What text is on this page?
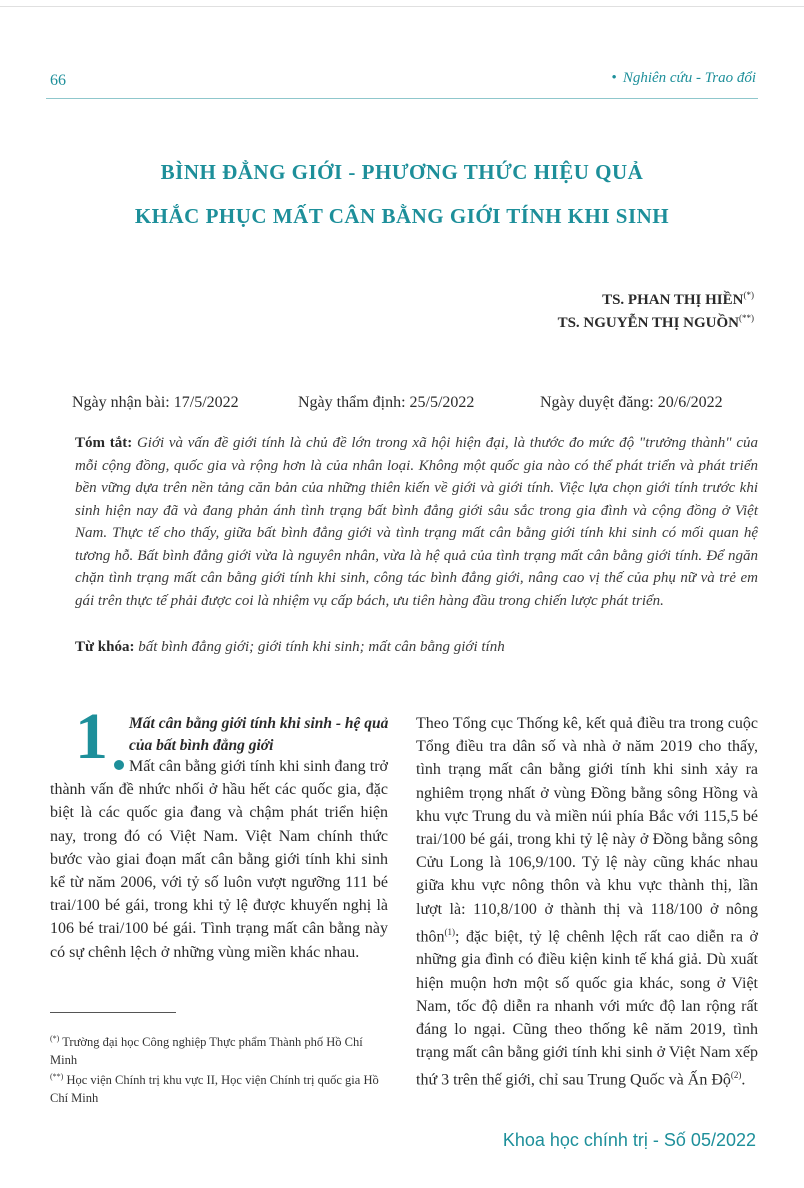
66	• Nghiên cứu - Trao đổi
BÌNH ĐẲNG GIỚI - PHƯƠNG THỨC HIỆU QUẢ
KHẮC PHỤC MẤT CÂN BẰNG GIỚI TÍNH KHI SINH
TS. PHAN THỊ HIỀN(*)
TS. NGUYỄN THỊ NGUỒN(**)
Ngày nhận bài: 17/5/2022	Ngày thẩm định: 25/5/2022	Ngày duyệt đăng: 20/6/2022
Tóm tắt: Giới và vấn đề giới tính là chủ đề lớn trong xã hội hiện đại, là thước đo mức độ "trưởng thành" của mỗi cộng đồng, quốc gia và rộng hơn là của nhân loại. Không một quốc gia nào có thể phát triển và phát triển bền vững dựa trên nền tảng căn bản của những thiên kiến về giới và giới tính. Việc lựa chọn giới tính trước khi sinh hiện nay đã và đang phản ánh tình trạng bất bình đẳng giới sâu sắc trong gia đình và cộng đồng ở Việt Nam. Thực tế cho thấy, giữa bất bình đẳng giới và tình trạng mất cân bằng giới tính khi sinh có mối quan hệ tương hỗ. Bất bình đẳng giới vừa là nguyên nhân, vừa là hệ quả của tình trạng mất cân bằng giới tính. Để ngăn chặn tình trạng mất cân bằng giới tính khi sinh, công tác bình đẳng giới, nâng cao vị thế của phụ nữ và trẻ em gái trên thực tế phải được coi là nhiệm vụ cấp bách, ưu tiên hàng đầu trong chiến lược phát triển.
Từ khóa: bất bình đẳng giới; giới tính khi sinh; mất cân bằng giới tính
1 Mất cân bằng giới tính khi sinh - hệ quả của bất bình đẳng giới
Mất cân bằng giới tính khi sinh đang trở thành vấn đề nhức nhối ở hầu hết các quốc gia, đặc biệt là các quốc gia đang và chậm phát triển hiện nay, trong đó có Việt Nam. Việt Nam chính thức bước vào giai đoạn mất cân bằng giới tính khi sinh kể từ năm 2006, với tỷ số luôn vượt ngưỡng 111 bé trai/100 bé gái, trong khi tỷ lệ được khuyến nghị là 106 bé trai/100 bé gái. Tình trạng mất cân bằng này có sự chênh lệch ở những vùng miền khác nhau.
Theo Tổng cục Thống kê, kết quả điều tra trong cuộc Tổng điều tra dân số và nhà ở năm 2019 cho thấy, tình trạng mất cân bằng giới tính khi sinh xảy ra nghiêm trọng nhất ở vùng Đồng bằng sông Hồng và khu vực Trung du và miền núi phía Bắc với 115,5 bé trai/100 bé gái, trong khi tỷ lệ này ở Đồng bằng sông Cửu Long là 106,9/100. Tỷ lệ này cũng khác nhau giữa khu vực nông thôn và khu vực thành thị, lần lượt là: 110,8/100 ở thành thị và 118/100 ở nông thôn$^{(1)}$; đặc biệt, tỷ lệ chênh lệch rất cao diễn ra ở những gia đình có điều kiện kinh tế khá giả. Dù xuất hiện muộn hơn một số quốc gia khác, song ở Việt Nam, tốc độ diễn ra nhanh với mức độ lan rộng rất đáng lo ngại. Cũng theo thống kê năm 2019, tình trạng mất cân bằng giới tính khi sinh ở Việt Nam xếp thứ 3 trên thế giới, chỉ sau Trung Quốc và Ấn Độ$^{(2)}$.
(*) Trường đại học Công nghiệp Thực phẩm Thành phố Hồ Chí Minh
(**) Học viện Chính trị khu vực II, Học viện Chính trị quốc gia Hồ Chí Minh
Khoa học chính trị - Số 05/2022
